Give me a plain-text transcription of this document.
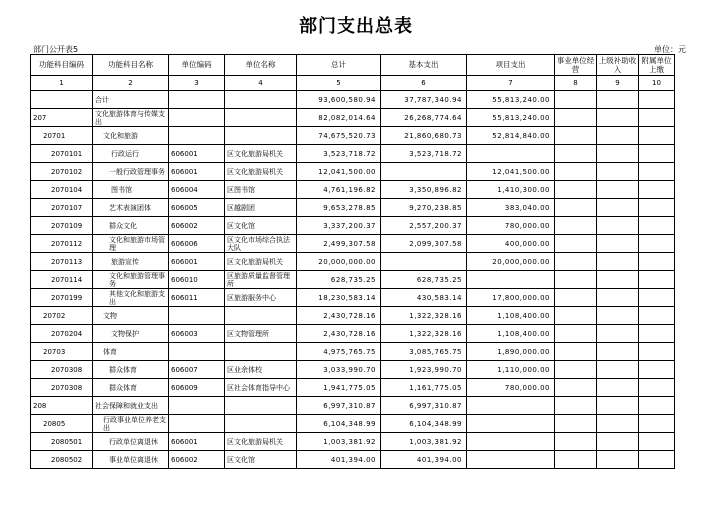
部门支出总表
部门公开表5	单位：元
功能科目编码	功能科目名称	单位编码	单位名称	总计	基本支出	项目支出	事业单位经营	上级补助收入	附属单位上缴
1	2	3	4	5	6	7	8	9	10
	合计			93,600,580.94	37,787,340.94	55,813,240.00			
207	文化旅游体育与传媒支出			82,082,014.64	26,268,774.64	55,813,240.00			
20701	文化和旅游			74,675,520.73	21,860,680.73	52,814,840.00			
2070101	行政运行	606001	区文化旅游局机关	3,523,718.72	3,523,718.72				
2070102	一般行政管理事务	606001	区文化旅游局机关	12,041,500.00		12,041,500.00			
2070104	图书馆	606004	区图书馆	4,761,196.82	3,350,896.82	1,410,300.00			
2070107	艺术表演团体	606005	区越剧团	9,653,278.85	9,270,238.85	383,040.00			
2070109	群众文化	606002	区文化馆	3,337,200.37	2,557,200.37	780,000.00			
2070112	文化和旅游市场管理	606006	区文化市场综合执法大队	2,499,307.58	2,099,307.58	400,000.00			
2070113	旅游宣传	606001	区文化旅游局机关	20,000,000.00		20,000,000.00			
2070114	文化和旅游管理事务	606010	区旅游质量监督管理所	628,735.25	628,735.25				
2070199	其他文化和旅游支出	606011	区旅游服务中心	18,230,583.14	430,583.14	17,800,000.00			
20702	文物			2,430,728.16	1,322,328.16	1,108,400.00			
2070204	文物保护	606003	区文物管理所	2,430,728.16	1,322,328.16	1,108,400.00			
20703	体育			4,975,765.75	3,085,765.75	1,890,000.00			
2070308	群众体育	606007	区业余体校	3,033,990.70	1,923,990.70	1,110,000.00			
2070308	群众体育	606009	区社会体育指导中心	1,941,775.05	1,161,775.05	780,000.00			
208	社会保障和就业支出			6,997,310.87	6,997,310.87				
20805	行政事业单位养老支出			6,104,348.99	6,104,348.99				
2080501	行政单位离退休	606001	区文化旅游局机关	1,003,381.92	1,003,381.92				
2080502	事业单位离退休	606002	区文化馆	401,394.00	401,394.00				
